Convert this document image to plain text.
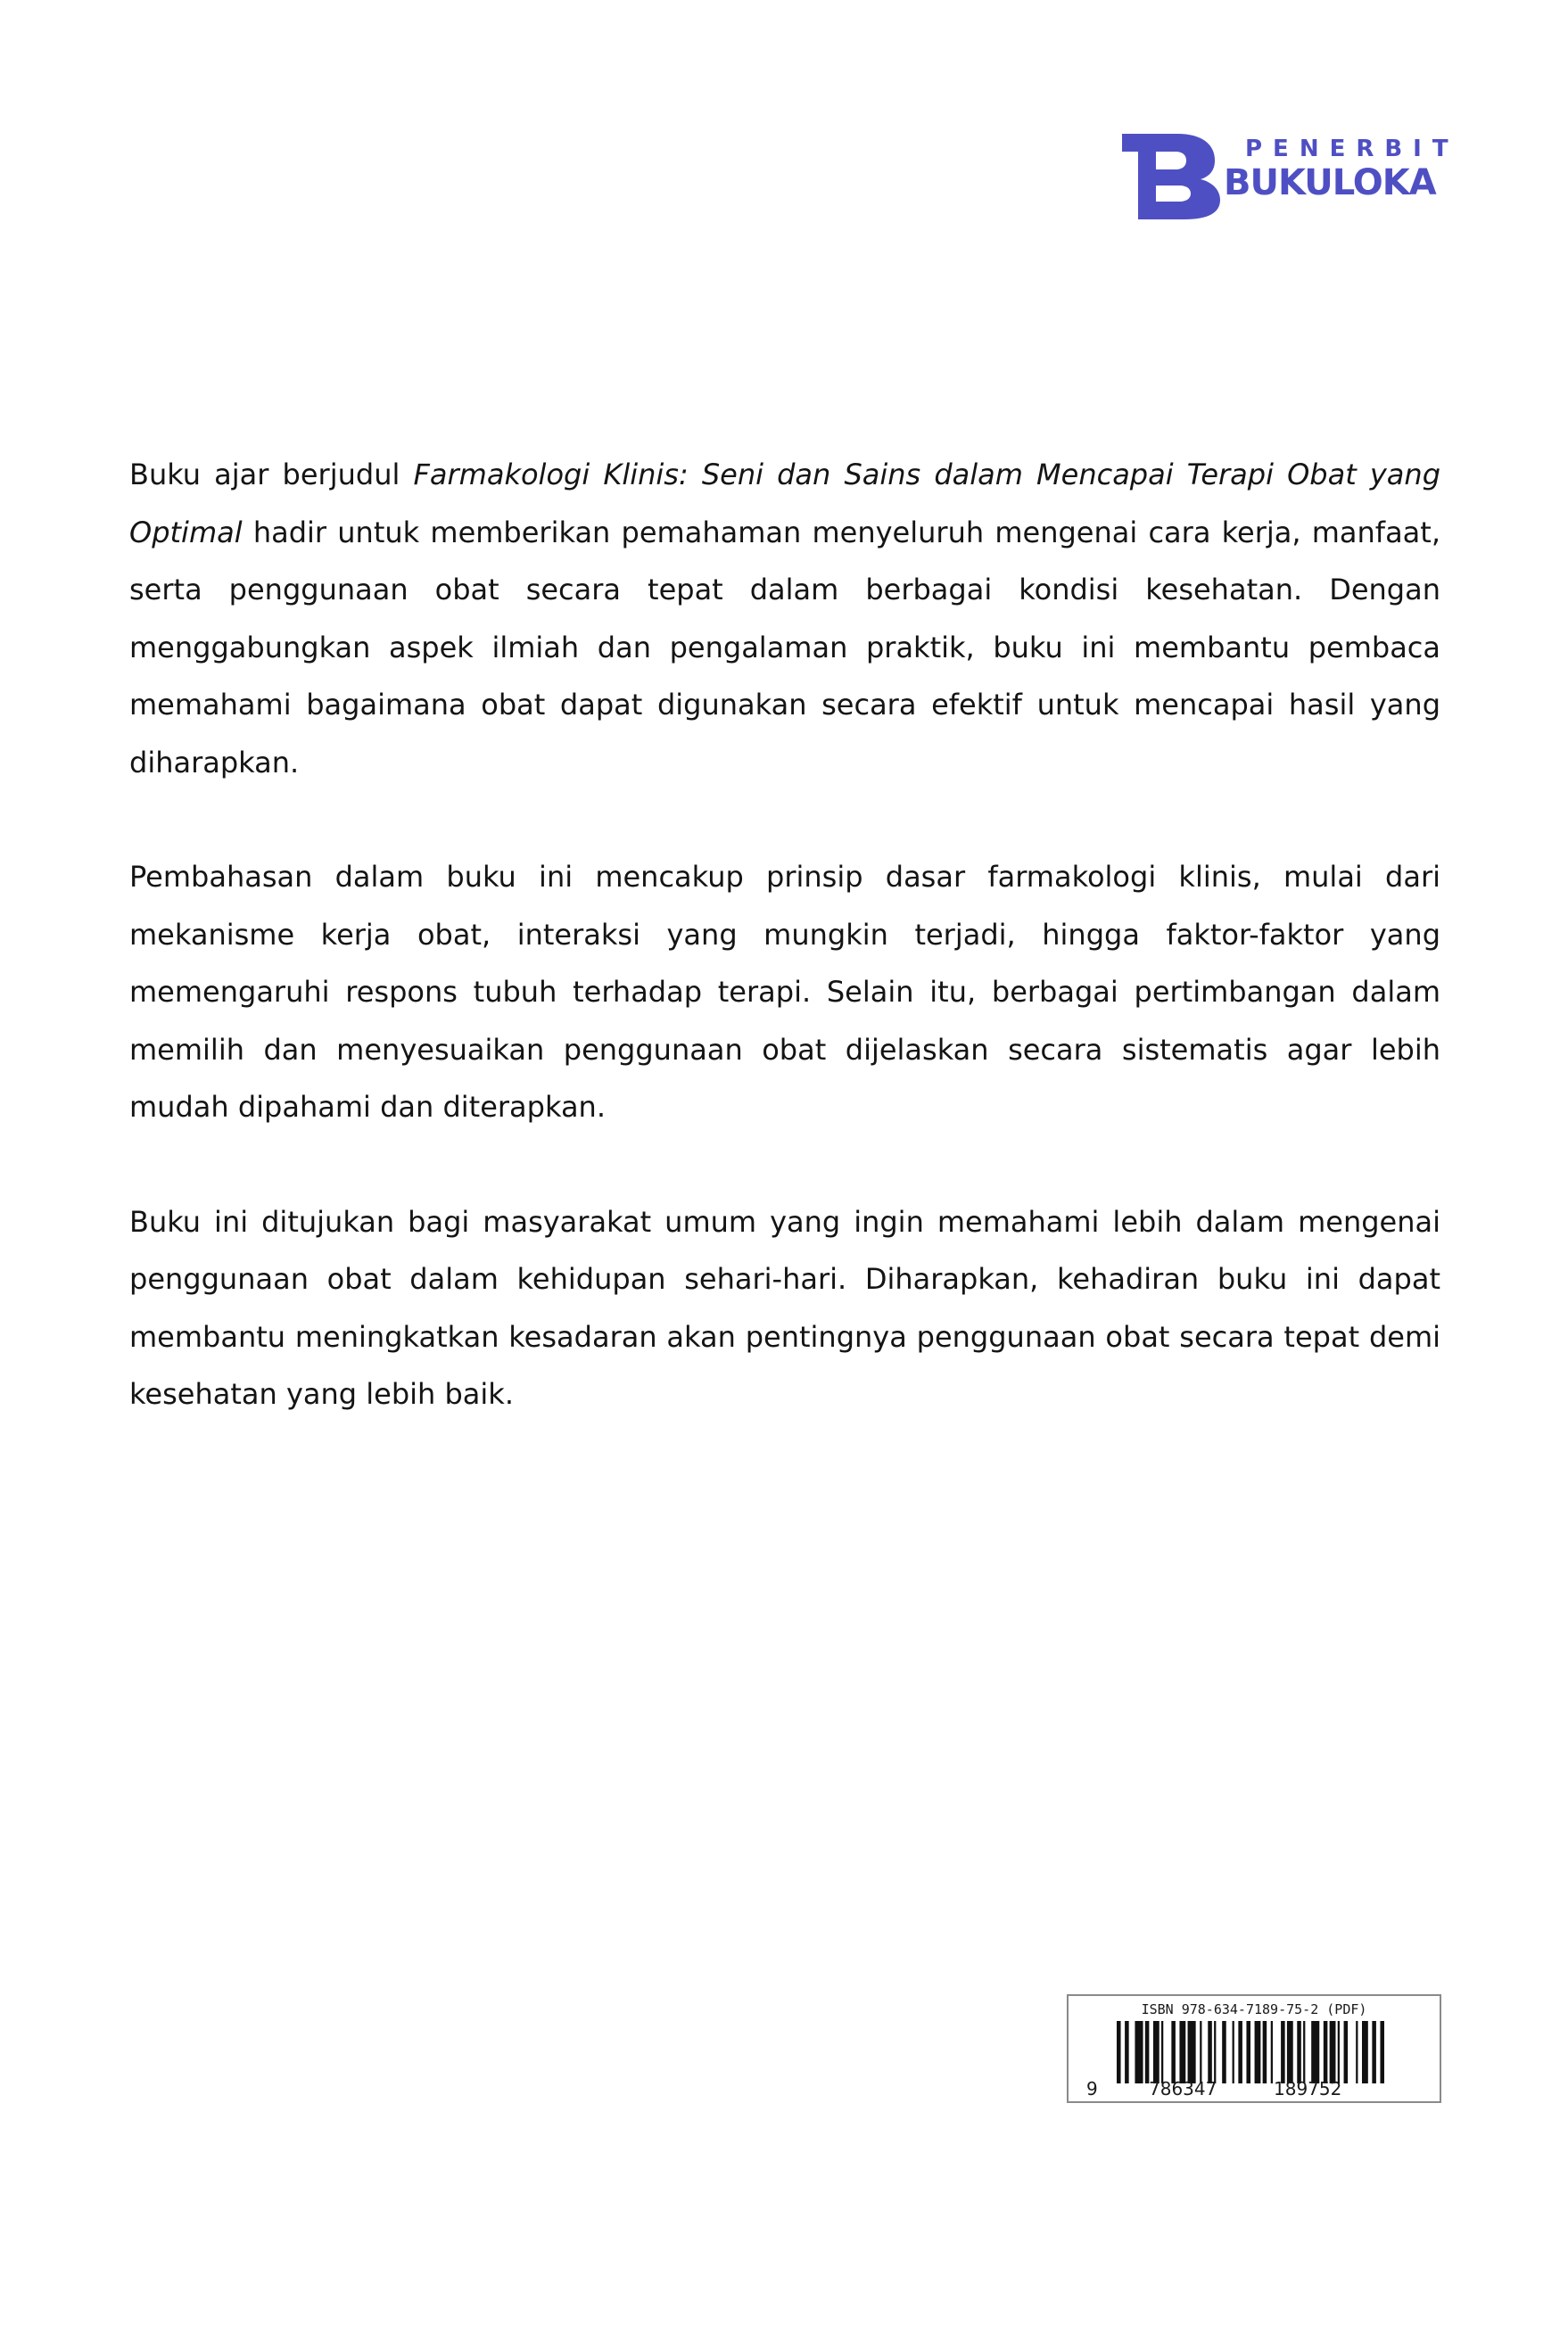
PENERBIT
BUKULOKA

Buku ajar berjudul Farmakologi Klinis: Seni dan Sains dalam Mencapai Terapi Obat yang Optimal hadir untuk memberikan pemahaman menyeluruh mengenai cara kerja, manfaat, serta penggunaan obat secara tepat dalam berbagai kondisi kesehatan. Dengan menggabungkan aspek ilmiah dan pengalaman praktik, buku ini membantu pembaca memahami bagaimana obat dapat digunakan secara efektif untuk mencapai hasil yang diharapkan.

Pembahasan dalam buku ini mencakup prinsip dasar farmakologi klinis, mulai dari mekanisme kerja obat, interaksi yang mungkin terjadi, hingga faktor-faktor yang memengaruhi respons tubuh terhadap terapi. Selain itu, berbagai pertimbangan dalam memilih dan menyesuaikan penggunaan obat dijelaskan secara sistematis agar lebih mudah dipahami dan diterapkan.

Buku ini ditujukan bagi masyarakat umum yang ingin memahami lebih dalam mengenai penggunaan obat dalam kehidupan sehari-hari. Diharapkan, kehadiran buku ini dapat membantu meningkatkan kesadaran akan pentingnya penggunaan obat secara tepat demi kesehatan yang lebih baik.

ISBN 978-634-7189-75-2 (PDF)
9	786347	189752
